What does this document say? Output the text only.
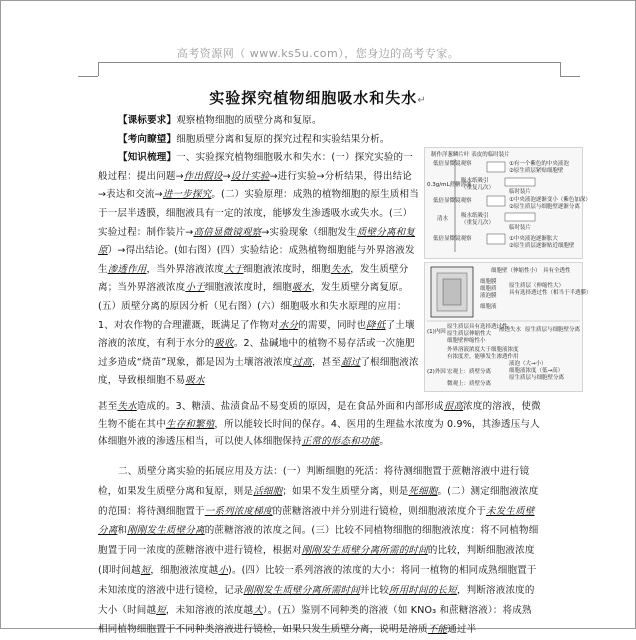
高考资源网（ www.ks5u.com），您身边的高考专家。
实验探究植物细胞吸水和失水↵

【课标要求】观察植物细胞的质壁分离和复原。

【考向瞭望】细胞质壁分离和复原的探究过程和实验结果分析。

【知识梳理】一、实验探究植物细胞吸水和失水：(一）探究实验的一般过程：提出问题→作出假设→设计实验→进行实验→分析结果，得出结论→表达和交流→进一步探究。(二）实验原理：成熟的植物细胞的原生质相当于一层半透膜，细胞液具有一定的浓度，能够发生渗透吸水或失水。(三）实验过程：制作装片→高倍显微镜观察→实验现象（细胞发生质壁分离和复原）→得出结论。(如右图）(四）实验结论：成熟植物细胞能与外界溶液发生渗透作用，当外界溶液浓度大于细胞液浓度时，细胞失水，发生质壁分离；当外界溶液浓度小于细胞液浓度时，细胞吸水，发生质壁分离复原。(五）质壁分离的原因分析（见右图）(六）细胞吸水和失水原理的应用：1、对农作物的合理灌溉，既满足了作物对水分的需要，同时也降低了土壤溶液的浓度，有利于水分的吸收。2、盐碱地中的植物不易存活或一次施肥过多造成“烧苗”现象，都是因为土壤溶液浓度过高，甚至超过了根细胞液浓度，导致根细胞不易吸水

甚至失水造成的。3、糖渍、盐渍食品不易变质的原因，是在食品外面和内部形成很高浓度的溶液，使微生物不能在其中生存和繁殖，所以能较长时间的保存。4、医用的生理盐水浓度为 0.9%，其渗透压与人体细胞外液的渗透压相当，可以使人体细胞保持正常的形态和功能。

制作洋葱鳞片叶 表皮的临时装片
低倍显微镜观察	①有一个紫色的中央液泡
②原生质层紧贴细胞壁
0.3g/mL蔗糖溶液
吸水纸吸引
（重复几次）
临时装片
低倍显微镜观察	①中央液泡逐渐变小（紫色加深）
②原生质层与细胞壁逐渐分离
清水 吸水纸吸引
（重复几次）
临时装片
低倍显微镜观察	①中央液泡逐渐胀大
②原生质层逐渐贴近细胞壁
细胞壁（伸缩性小） 具有全透性
细胞膜
细胞质
液泡膜
原生质层（伸缩性大）
具有选择透过性（相当于半透膜）
细胞液
(1)内因
原生质层具有选择透过性
原生质层伸缩性大
细胞壁伸缩性小
渗透失水 原生质层与细胞壁分离
外界溶液浓度大于细胞液浓度
有浓度差，能够发生渗透作用
(2)外因
液泡（大→小）
细胞液浓度（低→高）
原生质层与细胞壁分离
宏观上：质壁分离
微观上：质壁分离

二、质壁分离实验的拓展应用及方法：(一）判断细胞的死活：将待测细胞置于蔗糖溶液中进行镜检，如果发生质壁分离和复原，则是活细胞；如果不发生质壁分离，则是死细胞。(二）测定细胞液浓度的范围：将待测细胞置于一系列浓度梯度的蔗糖溶液中并分别进行镜检，则细胞液浓度介于未发生质壁分离和刚刚发生质壁分离的蔗糖溶液的浓度之间。(三）比较不同植物细胞的细胞液浓度：将不同植物细胞置于同一浓度的蔗糖溶液中进行镜检，根据对刚刚发生质壁分离所需的时间的比较，判断细胞液浓度(即时间越短，细胞液浓度越小)。(四）比较一系列溶液的浓度的大小：将同一植物的相同成熟细胞置于未知浓度的溶液中进行镜检，记录刚刚发生质壁分离所需时间并比较所用时间的长短，判断溶液浓度的大小（时间越短，未知溶液的浓度越大）。(五）鉴别不同种类的溶液（如 KNO₃ 和蔗糖溶液）：将成熟相同植物细胞置于不同种类溶液进行镜检，如果只发生质壁分离，说明是溶质不能通过半
